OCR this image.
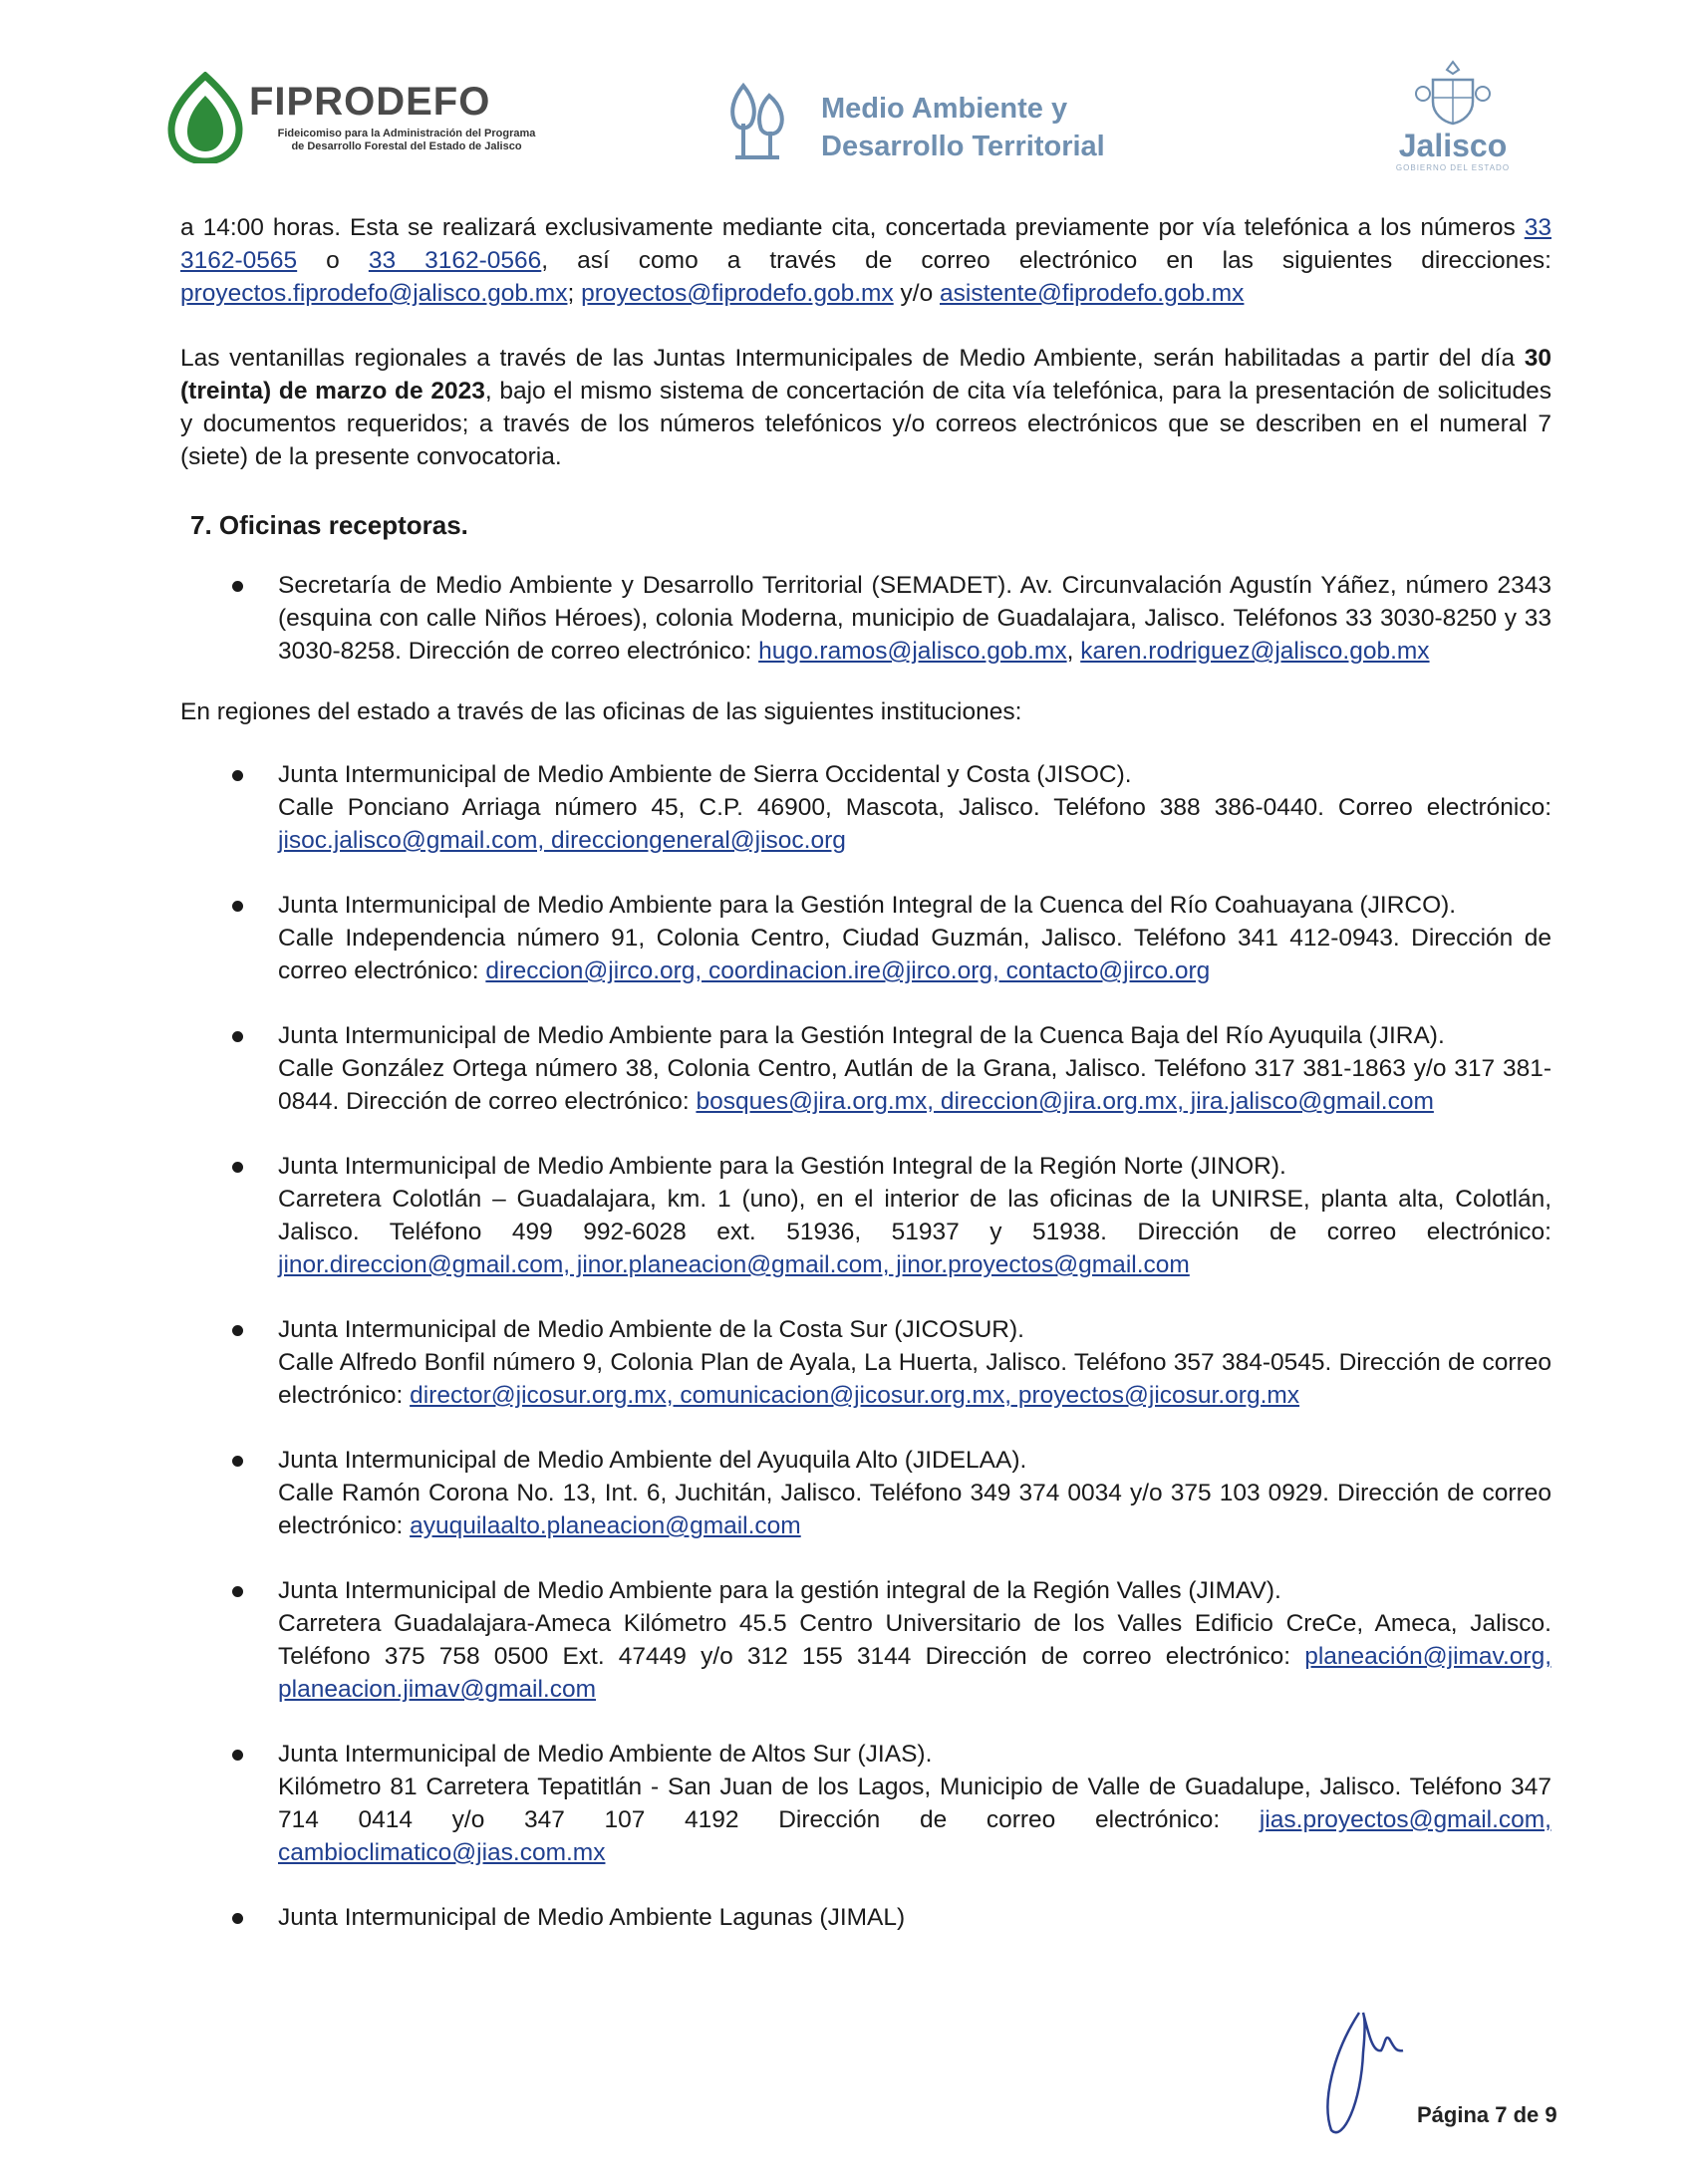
FIPRODEFO
Fideicomiso para la Administración del Programa
de Desarrollo Forestal del Estado de Jalisco
Medio Ambiente y
Desarrollo Territorial	Jalisco
GOBIERNO DEL ESTADO

a 14:00 horas. Esta se realizará exclusivamente mediante cita, concertada previamente por vía telefónica a los números 33 3162-0565 o 33 3162-0566, así como a través de correo electrónico en las siguientes direcciones: proyectos.fiprodefo@jalisco.gob.mx; proyectos@fiprodefo.gob.mx y/o asistente@fiprodefo.gob.mx

Las ventanillas regionales a través de las Juntas Intermunicipales de Medio Ambiente, serán habilitadas a partir del día 30 (treinta) de marzo de 2023, bajo el mismo sistema de concertación de cita vía telefónica, para la presentación de solicitudes y documentos requeridos; a través de los números telefónicos y/o correos electrónicos que se describen en el numeral 7 (siete) de la presente convocatoria.

7. Oficinas receptoras.

Secretaría de Medio Ambiente y Desarrollo Territorial (SEMADET). Av. Circunvalación Agustín Yáñez, número 2343 (esquina con calle Niños Héroes), colonia Moderna, municipio de Guadalajara, Jalisco. Teléfonos 33 3030-8250 y 33 3030-8258. Dirección de correo electrónico: hugo.ramos@jalisco.gob.mx, karen.rodriguez@jalisco.gob.mx

En regiones del estado a través de las oficinas de las siguientes instituciones:

Junta Intermunicipal de Medio Ambiente de Sierra Occidental y Costa (JISOC).

Calle Ponciano Arriaga número 45, C.P. 46900, Mascota, Jalisco. Teléfono 388 386-0440. Correo electrónico: jisoc.jalisco@gmail.com, direcciongeneral@jisoc.org

Junta Intermunicipal de Medio Ambiente para la Gestión Integral de la Cuenca del Río Coahuayana (JIRCO).

Calle Independencia número 91, Colonia Centro, Ciudad Guzmán, Jalisco. Teléfono 341 412-0943. Dirección de correo electrónico: direccion@jirco.org, coordinacion.ire@jirco.org, contacto@jirco.org

Junta Intermunicipal de Medio Ambiente para la Gestión Integral de la Cuenca Baja del Río Ayuquila (JIRA).

Calle González Ortega número 38, Colonia Centro, Autlán de la Grana, Jalisco. Teléfono 317 381-1863 y/o 317 381-0844. Dirección de correo electrónico: bosques@jira.org.mx, direccion@jira.org.mx, jira.jalisco@gmail.com

Junta Intermunicipal de Medio Ambiente para la Gestión Integral de la Región Norte (JINOR).

Carretera Colotlán – Guadalajara, km. 1 (uno), en el interior de las oficinas de la UNIRSE, planta alta, Colotlán, Jalisco. Teléfono 499 992-6028 ext. 51936, 51937 y 51938. Dirección de correo electrónico: jinor.direccion@gmail.com, jinor.planeacion@gmail.com, jinor.proyectos@gmail.com

Junta Intermunicipal de Medio Ambiente de la Costa Sur (JICOSUR).

Calle Alfredo Bonfil número 9, Colonia Plan de Ayala, La Huerta, Jalisco. Teléfono 357 384-0545. Dirección de correo electrónico: director@jicosur.org.mx, comunicacion@jicosur.org.mx, proyectos@jicosur.org.mx

Junta Intermunicipal de Medio Ambiente del Ayuquila Alto (JIDELAA).

Calle Ramón Corona No. 13, Int. 6, Juchitán, Jalisco. Teléfono 349 374 0034 y/o 375 103 0929. Dirección de correo electrónico: ayuquilaalto.planeacion@gmail.com

Junta Intermunicipal de Medio Ambiente para la gestión integral de la Región Valles (JIMAV).

Carretera Guadalajara-Ameca Kilómetro 45.5 Centro Universitario de los Valles Edificio CreCe, Ameca, Jalisco. Teléfono 375 758 0500 Ext. 47449 y/o 312 155 3144 Dirección de correo electrónico: planeación@jimav.org, planeacion.jimav@gmail.com

Junta Intermunicipal de Medio Ambiente de Altos Sur (JIAS).

Kilómetro 81 Carretera Tepatitlán - San Juan de los Lagos, Municipio de Valle de Guadalupe, Jalisco. Teléfono 347 714 0414 y/o 347 107 4192 Dirección de correo electrónico: jias.proyectos@gmail.com, cambioclimatico@jias.com.mx

Junta Intermunicipal de Medio Ambiente Lagunas (JIMAL)

Página 7 de 9
